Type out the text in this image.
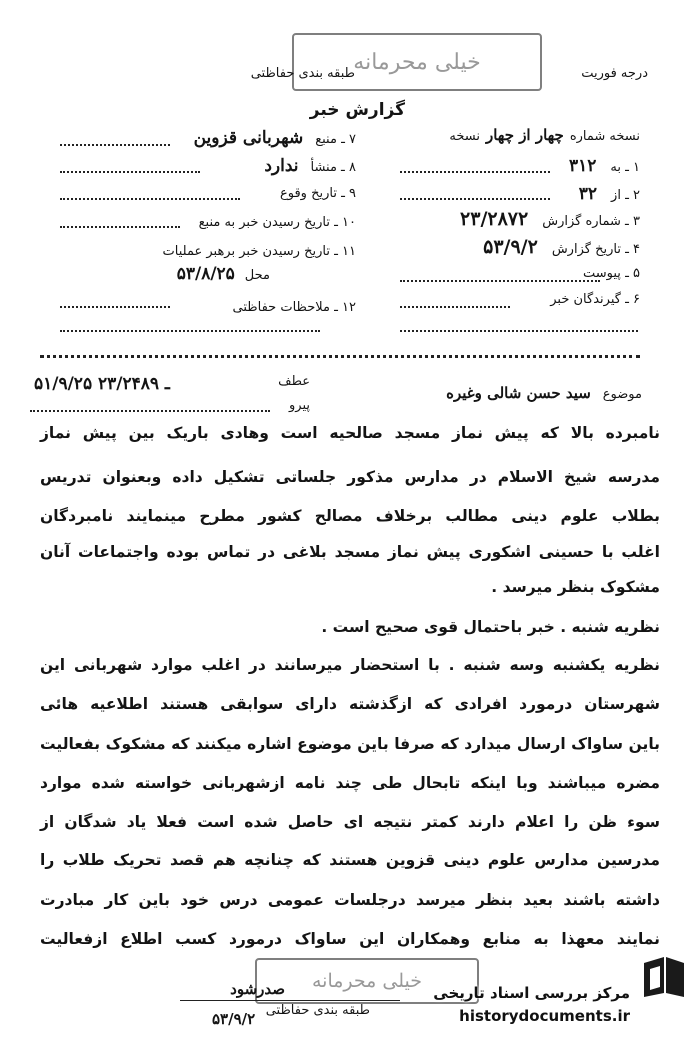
خیلی محرمانه
طبقه بندی حفاظتی	درجه فوریت
گزارش خبر
نسخه شماره
چهار از چهار
نسخه
۱ ـ به
۳۱۲
۲ ـ از
۳۲
۳ ـ شماره گزارش
۲۳/۲۸۷۲
۴ ـ تاریخ گزارش
۵۳/۹/۲
۵ ـ پیوست
۶ ـ گیرندگان خبر
۷ ـ منبع
شهربانی قزوین
۸ ـ منشأ
ندارد
۹ ـ تاریخ وقوع
۱۰ ـ تاریخ رسیدن خبر به منبع
۱۱ ـ تاریخ رسیدن خبر برهبر عملیات
محل
۵۳/۸/۲۵
۱۲ ـ ملاحظات حفاظتی
موضوع
سید حسن شالی وغیره
عطف
پیرو
۵۱/۹/۲۵ ـ ۲۳/۲۴۸۹
نامبرده بالا که پیش نماز مسجد صالحیه است وهادی باریک بین پیش نماز
مدرسه شیخ الاسلام در مدارس مذکور جلساتی تشکیل داده وبعنوان تدریس
بطلاب علوم دینی مطالب برخلاف مصالح کشور مطرح مینمایند نامبردگان
اغلب با حسینی اشکوری پیش نماز مسجد بلاغی در تماس بوده واجتماعات آنان
مشکوک بنظر میرسد .
نظریه شنبه . خبر باحتمال قوی صحیح است .
نظریه یکشنبه وسه شنبه . با استحضار میرسانند در اغلب موارد شهربانی این
شهرستان درمورد افرادی که ازگذشته دارای سوابقی هستند اطلاعیه هائی
باین ساواک ارسال میدارد که صرفا باین موضوع اشاره میکنند که مشکوک بفعالیت
مضره میباشند وبا اینکه تابحال طی چند نامه ازشهربانی خواسته شده موارد
سوء ظن را اعلام دارند کمتر نتیجه ای حاصل شده است فعلا یاد شدگان از
مدرسین مدارس علوم دینی قزوین هستند که چنانچه هم قصد تحریک طلاب را
داشته باشند بعید بنظر میرسد درجلسات عمومی درس خود باین کار مبادرت
نمایند معهذا به منابع وهمکاران این ساواک درمورد کسب اطلاع ازفعالیت
خیلی محرمانه
طبقه بندی حفاظتی
صدرشود
۵۳/۹/۲
مرکز بررسی اسناد تاریخی
historydocuments.ir
